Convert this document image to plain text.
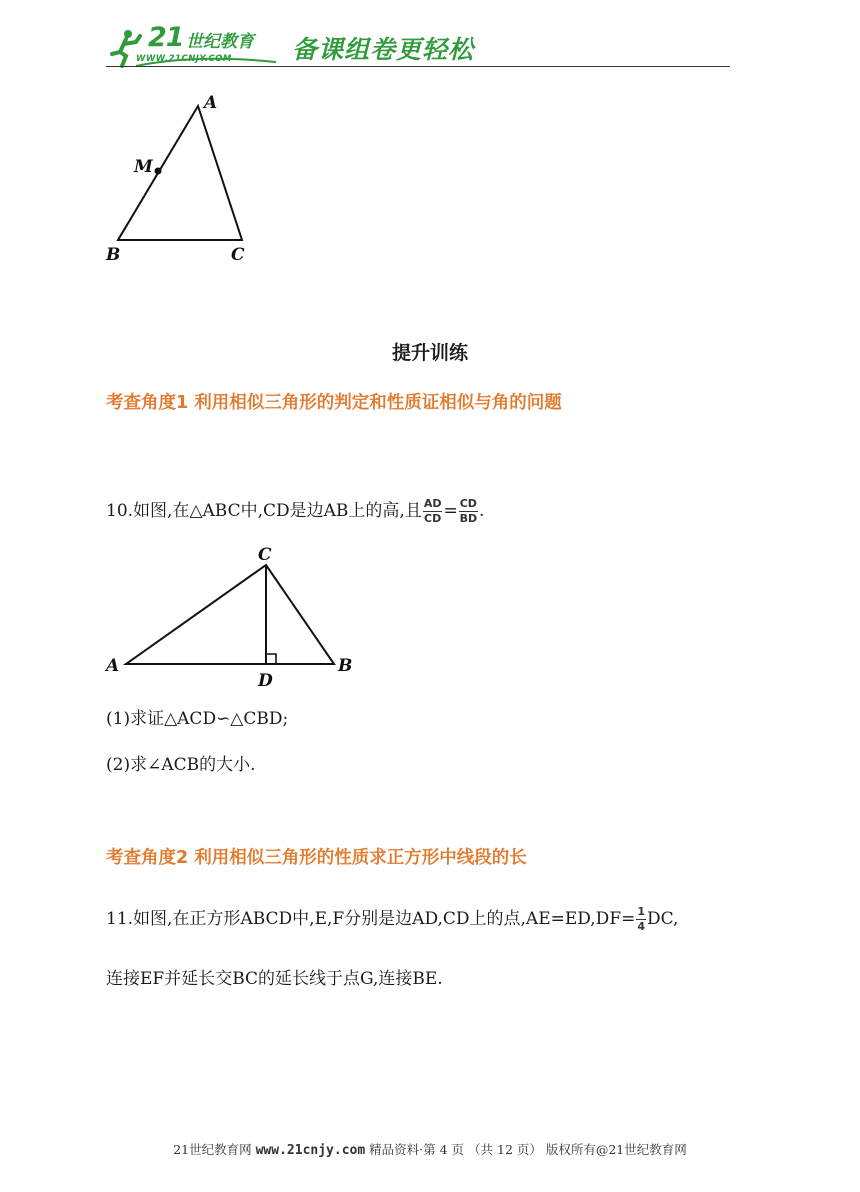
21 世纪教育
WWW.21CNJY.COM 备课组卷更轻松
A
M
B	C
提升训练
考查角度1 利用相似三角形的判定和性质证相似与角的问题
10.如图,在△ABC中,CD是边AB上的高,且 $\frac{AD}{CD} = \frac{CD}{BD}$ .
C
A
D
B
(1)求证△ACD∽△CBD;
(2)求∠ACB的大小.
考查角度2 利用相似三角形的性质求正方形中线段的长
11.如图,在正方形ABCD中,E,F分别是边AD,CD上的点$,AE=ED,DF= \frac{1}{4}$ DC,
连接EF并延长交BC的延长线于点G,连接BE.
21世纪教育网 www.21cnjy.com 精品资料·第 4 页 （共 12 页） 版权所有@21世纪教育网
